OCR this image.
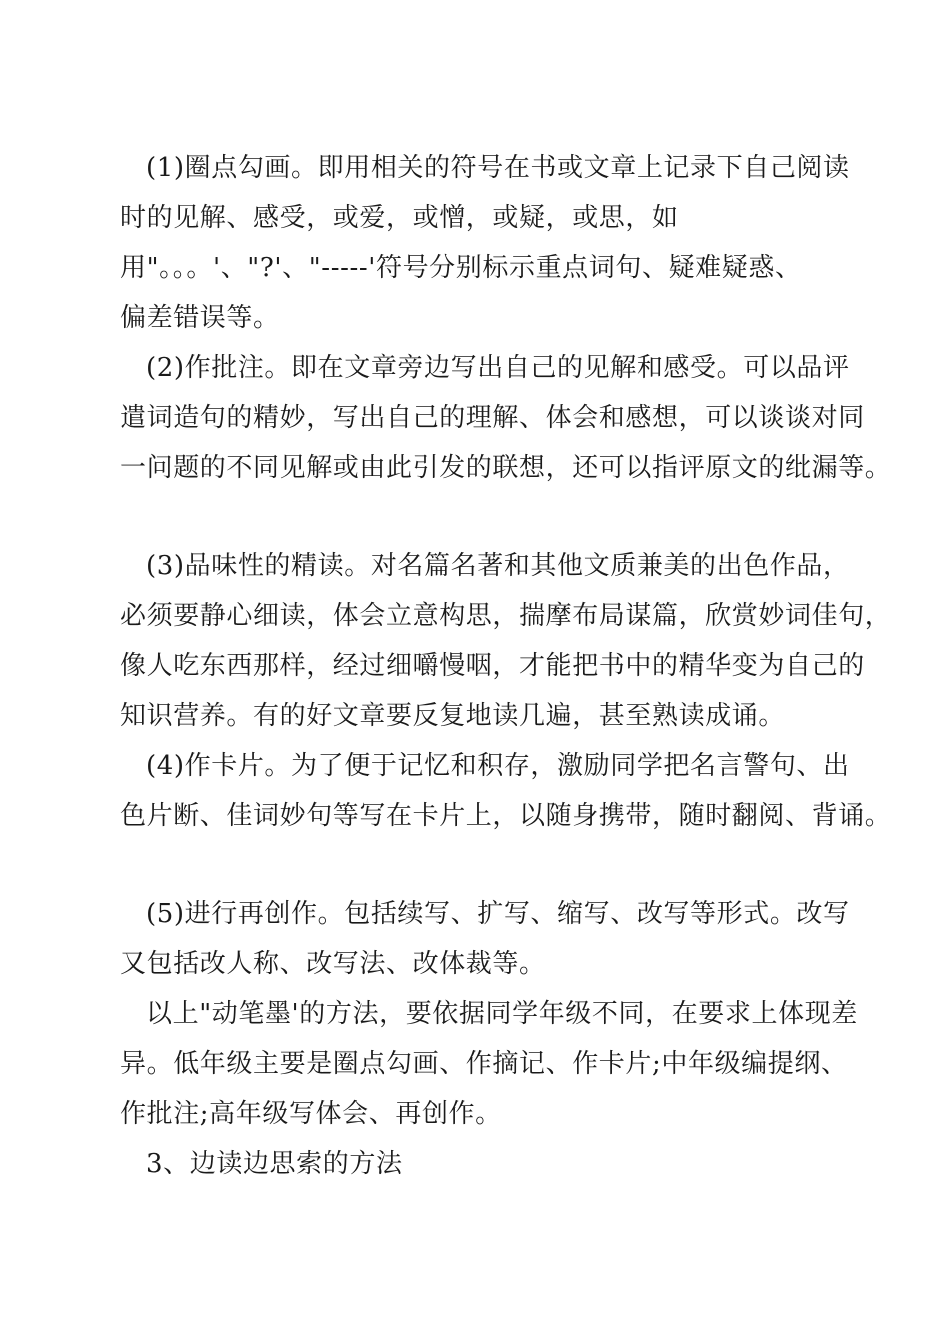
(1)圈点勾画。即用相关的符号在书或文章上记录下自己阅读
时的见解、感受，或爱，或憎，或疑，或思，如
用"。。。'、"?'、"-----'符号分别标示重点词句、疑难疑惑、
偏差错误等。
(2)作批注。即在文章旁边写出自己的见解和感受。可以品评
遣词造句的精妙，写出自己的理解、体会和感想，可以谈谈对同
一问题的不同见解或由此引发的联想，还可以指评原文的纰漏等。
(3)品味性的精读。对名篇名著和其他文质兼美的出色作品，
必须要静心细读，体会立意构思，揣摩布局谋篇，欣赏妙词佳句，
像人吃东西那样，经过细嚼慢咽，才能把书中的精华变为自己的
知识营养。有的好文章要反复地读几遍，甚至熟读成诵。
(4)作卡片。为了便于记忆和积存，激励同学把名言警句、出
色片断、佳词妙句等写在卡片上，以随身携带，随时翻阅、背诵。
(5)进行再创作。包括续写、扩写、缩写、改写等形式。改写
又包括改人称、改写法、改体裁等。
以上"动笔墨'的方法，要依据同学年级不同，在要求上体现差
异。低年级主要是圈点勾画、作摘记、作卡片;中年级编提纲、
作批注;高年级写体会、再创作。
3、边读边思索的方法
